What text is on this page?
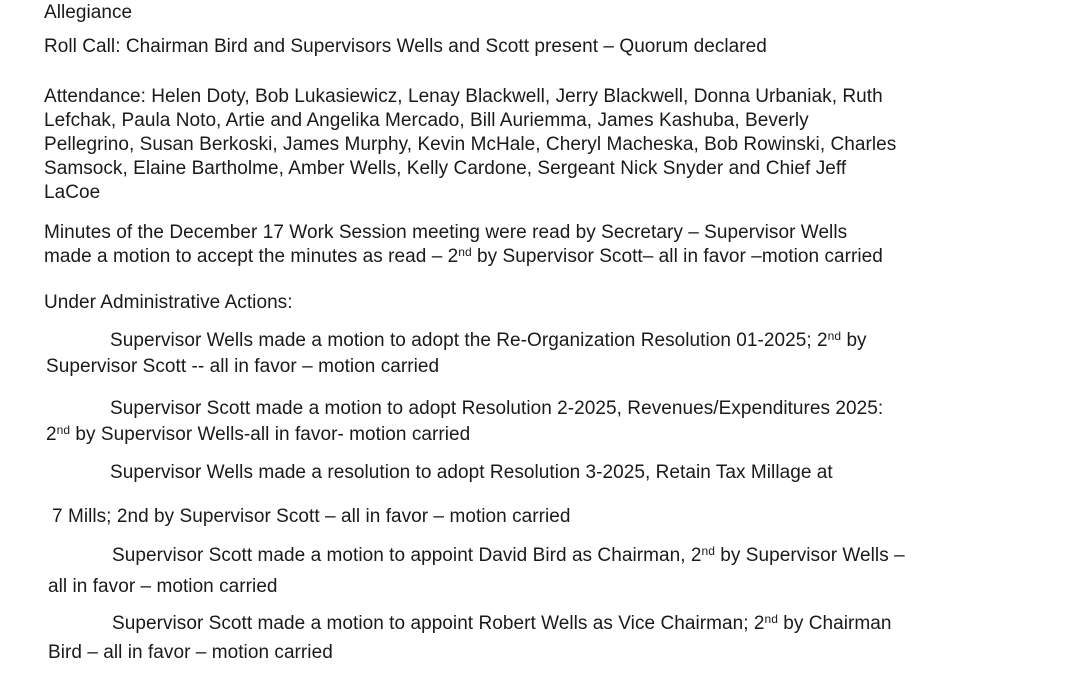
Allegiance
Roll Call: Chairman Bird and Supervisors Wells and Scott present – Quorum declared
Attendance: Helen Doty, Bob Lukasiewicz, Lenay Blackwell, Jerry Blackwell, Donna Urbaniak, Ruth
Lefchak, Paula Noto, Artie and Angelika Mercado, Bill Auriemma, James Kashuba, Beverly
Pellegrino, Susan Berkoski, James Murphy, Kevin McHale, Cheryl Macheska, Bob Rowinski, Charles
Samsock, Elaine Bartholme, Amber Wells, Kelly Cardone, Sergeant Nick Snyder and Chief Jeff
LaCoe
Minutes of the December 17 Work Session meeting were read by Secretary – Supervisor Wells
made a motion to accept the minutes as read – 2nd by Supervisor Scott– all in favor –motion carried
Under Administrative Actions:
Supervisor Wells made a motion to adopt the Re-Organization Resolution 01-2025; 2nd by
Supervisor Scott -- all in favor – motion carried
Supervisor Scott made a motion to adopt Resolution 2-2025, Revenues/Expenditures 2025:
2nd by Supervisor Wells-all in favor- motion carried
Supervisor Wells made a resolution to adopt Resolution 3-2025, Retain Tax Millage at
7 Mills; 2nd by Supervisor Scott – all in favor – motion carried
Supervisor Scott made a motion to appoint David Bird as Chairman, 2nd by Supervisor Wells –
all in favor – motion carried
Supervisor Scott made a motion to appoint Robert Wells as Vice Chairman; 2nd by Chairman
Bird – all in favor – motion carried
